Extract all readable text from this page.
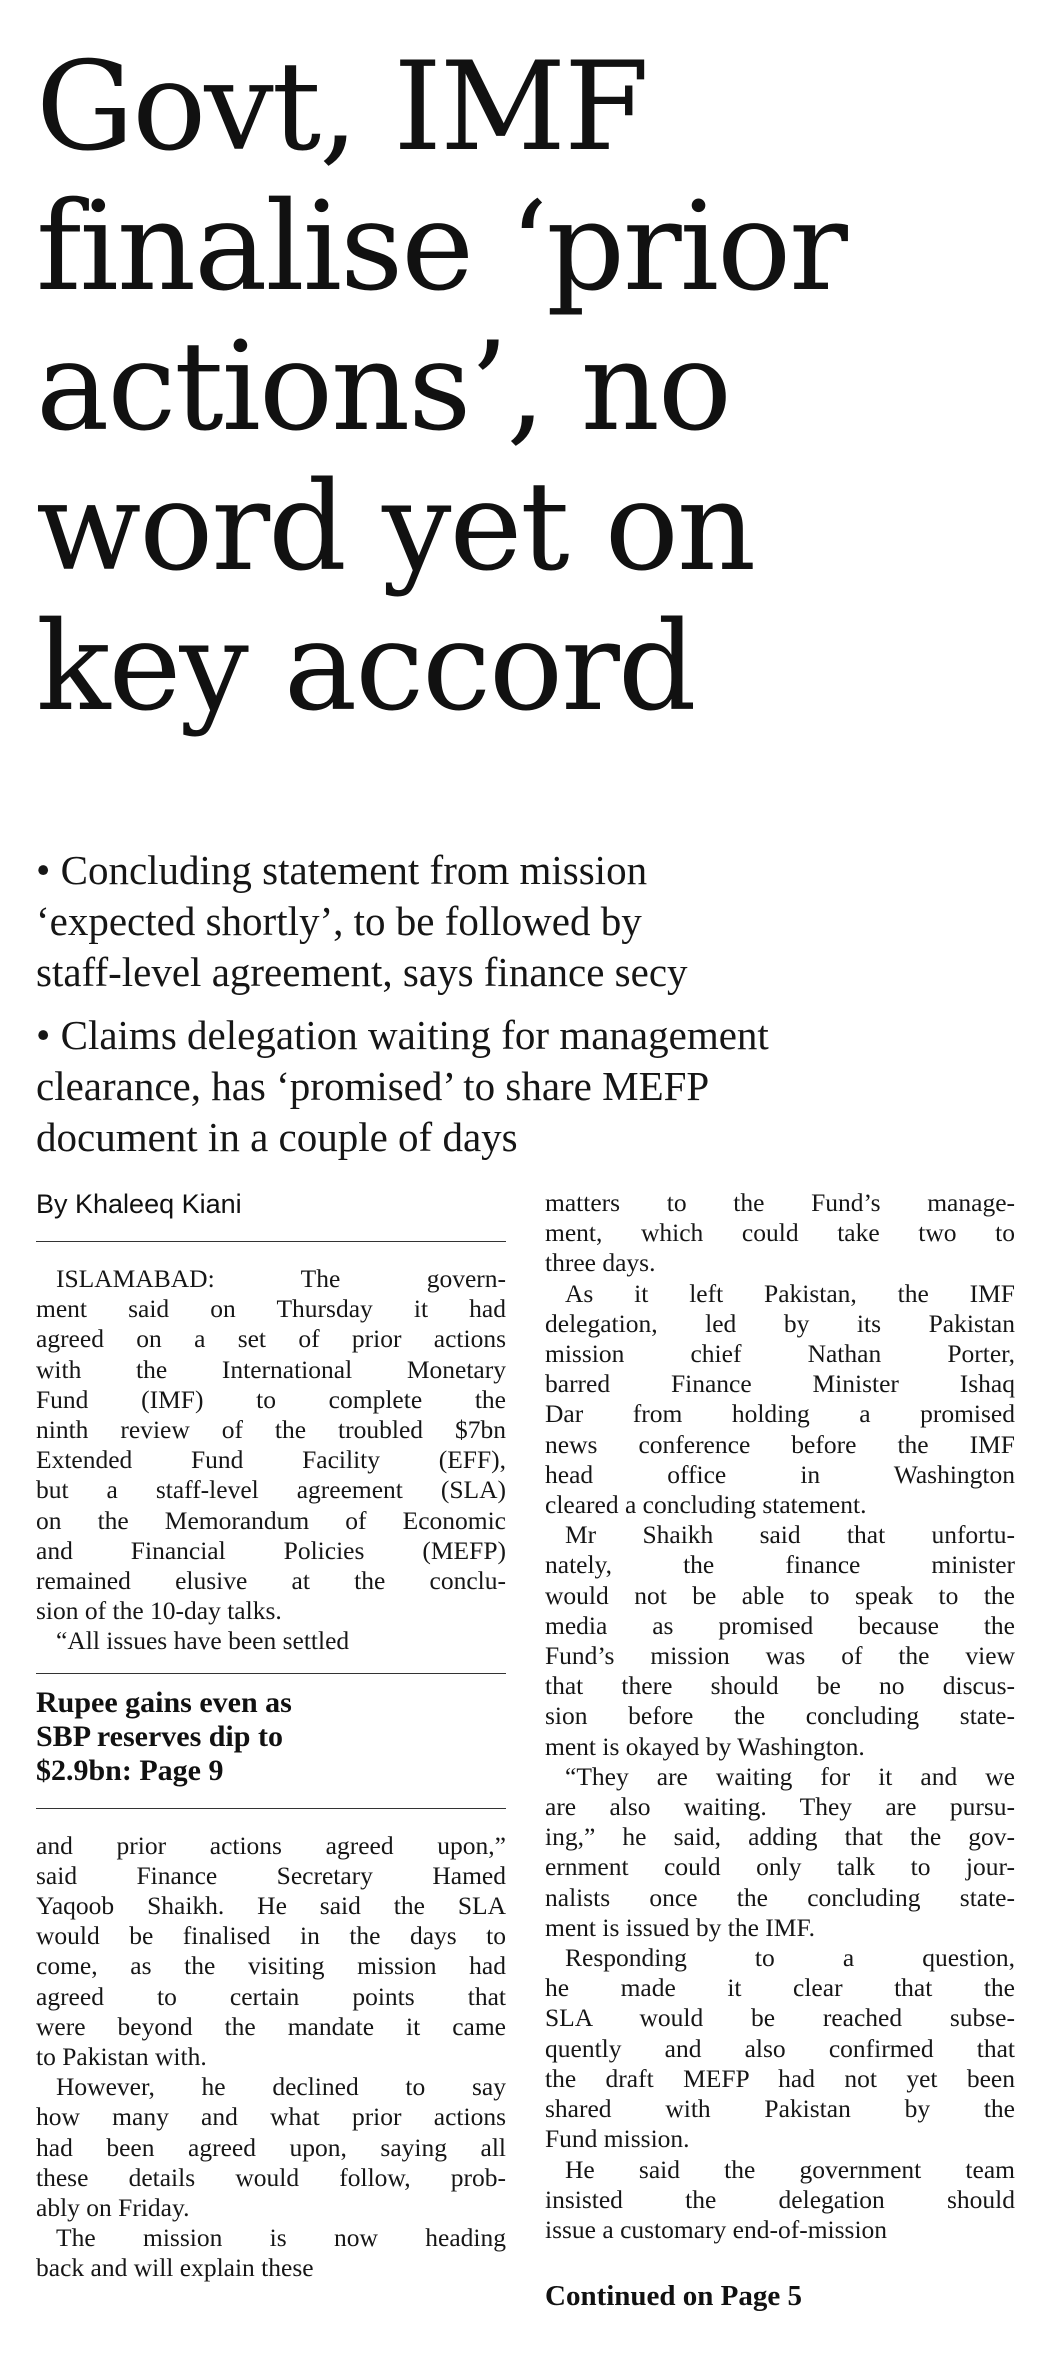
Govt, IMF
finalise ‘prior
actions’, no
word yet on
key accord
• Concluding statement from mission
‘expected shortly’, to be followed by
staff-level agreement, says finance secy
• Claims delegation waiting for management
clearance, has ‘promised’ to share MEFP
document in a couple of days
By Khaleeq Kiani

ISLAMABAD: The govern-
ment said on Thursday it had
agreed on a set of prior actions
with the International Monetary
Fund (IMF) to complete the
ninth review of the troubled $7bn
Extended Fund Facility (EFF),
but a staff-level agreement (SLA)
on the Memorandum of Economic
and Financial Policies (MEFP)
remained elusive at the conclu-
sion of the 10-day talks.

“All issues have been settled

Rupee gains even as
SBP reserves dip to
$2.9bn: Page 9

and prior actions agreed upon,”
said Finance Secretary Hamed
Yaqoob Shaikh. He said the SLA
would be finalised in the days to
come, as the visiting mission had
agreed to certain points that
were beyond the mandate it came
to Pakistan with.

However, he declined to say
how many and what prior actions
had been agreed upon, saying all
these details would follow, prob-
ably on Friday.

The mission is now heading
back and will explain these

matters to the Fund’s manage-
ment, which could take two to
three days.

As it left Pakistan, the IMF
delegation, led by its Pakistan
mission chief Nathan Porter,
barred Finance Minister Ishaq
Dar from holding a promised
news conference before the IMF
head office in Washington
cleared a concluding statement.

Mr Shaikh said that unfortu-
nately, the finance minister
would not be able to speak to the
media as promised because the
Fund’s mission was of the view
that there should be no discus-
sion before the concluding state-
ment is okayed by Washington.

“They are waiting for it and we
are also waiting. They are pursu-
ing,” he said, adding that the gov-
ernment could only talk to jour-
nalists once the concluding state-
ment is issued by the IMF.

Responding to a question,
he made it clear that the
SLA would be reached subse-
quently and also confirmed that
the draft MEFP had not yet been
shared with Pakistan by the
Fund mission.

He said the government team
insisted the delegation should
issue a customary end-of-mission

Continued on Page 5
